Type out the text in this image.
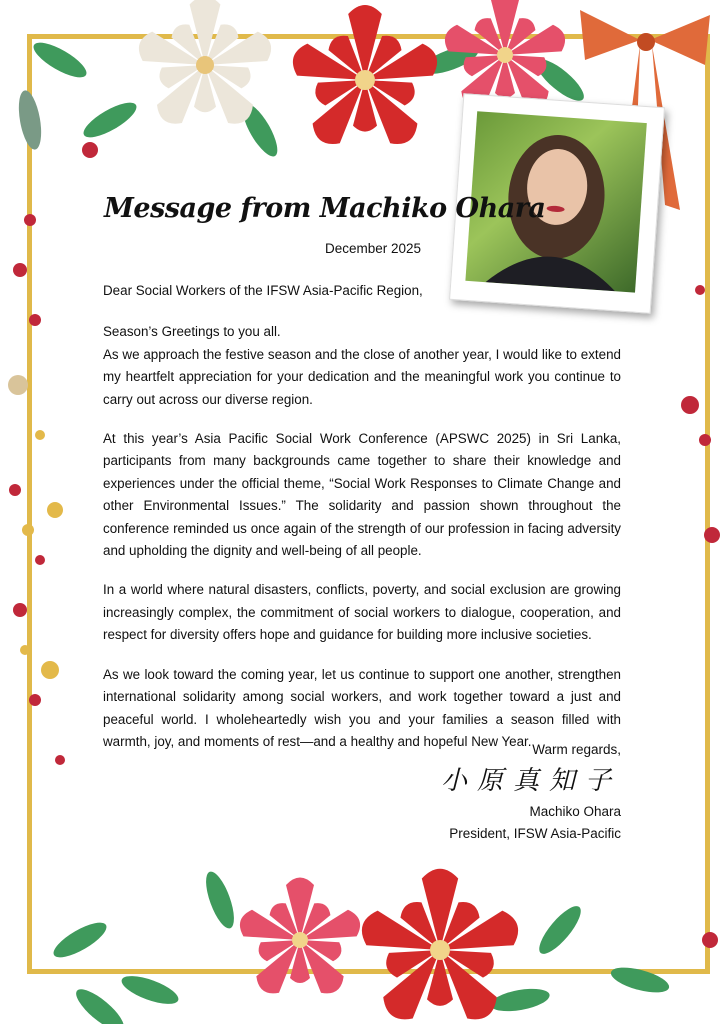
Message from Machiko Ohara
December 2025

Dear Social Workers of the IFSW Asia-Pacific Region,

Season’s Greetings to you all.

As we approach the festive season and the close of another year, I would like to extend my heartfelt appreciation for your dedication and the meaningful work you continue to carry out across our diverse region.

At this year’s Asia Pacific Social Work Conference (APSWC 2025) in Sri Lanka, participants from many backgrounds came together to share their knowledge and experiences under the official theme, “Social Work Responses to Climate Change and other Environmental Issues.” The solidarity and passion shown throughout the conference reminded us once again of the strength of our profession in facing adversity and upholding the dignity and well-being of all people.

In a world where natural disasters, conflicts, poverty, and social exclusion are growing increasingly complex, the commitment of social workers to dialogue, cooperation, and respect for diversity offers hope and guidance for building more inclusive societies.

As we look toward the coming year, let us continue to support one another, strengthen international solidarity among social workers, and work together toward a just and peaceful world. I wholeheartedly wish you and your families a season filled with warmth, joy, and moments of rest—and a healthy and hopeful New Year.

Warm regards,
小原真知子
Machiko Ohara
President, IFSW Asia-Pacific
